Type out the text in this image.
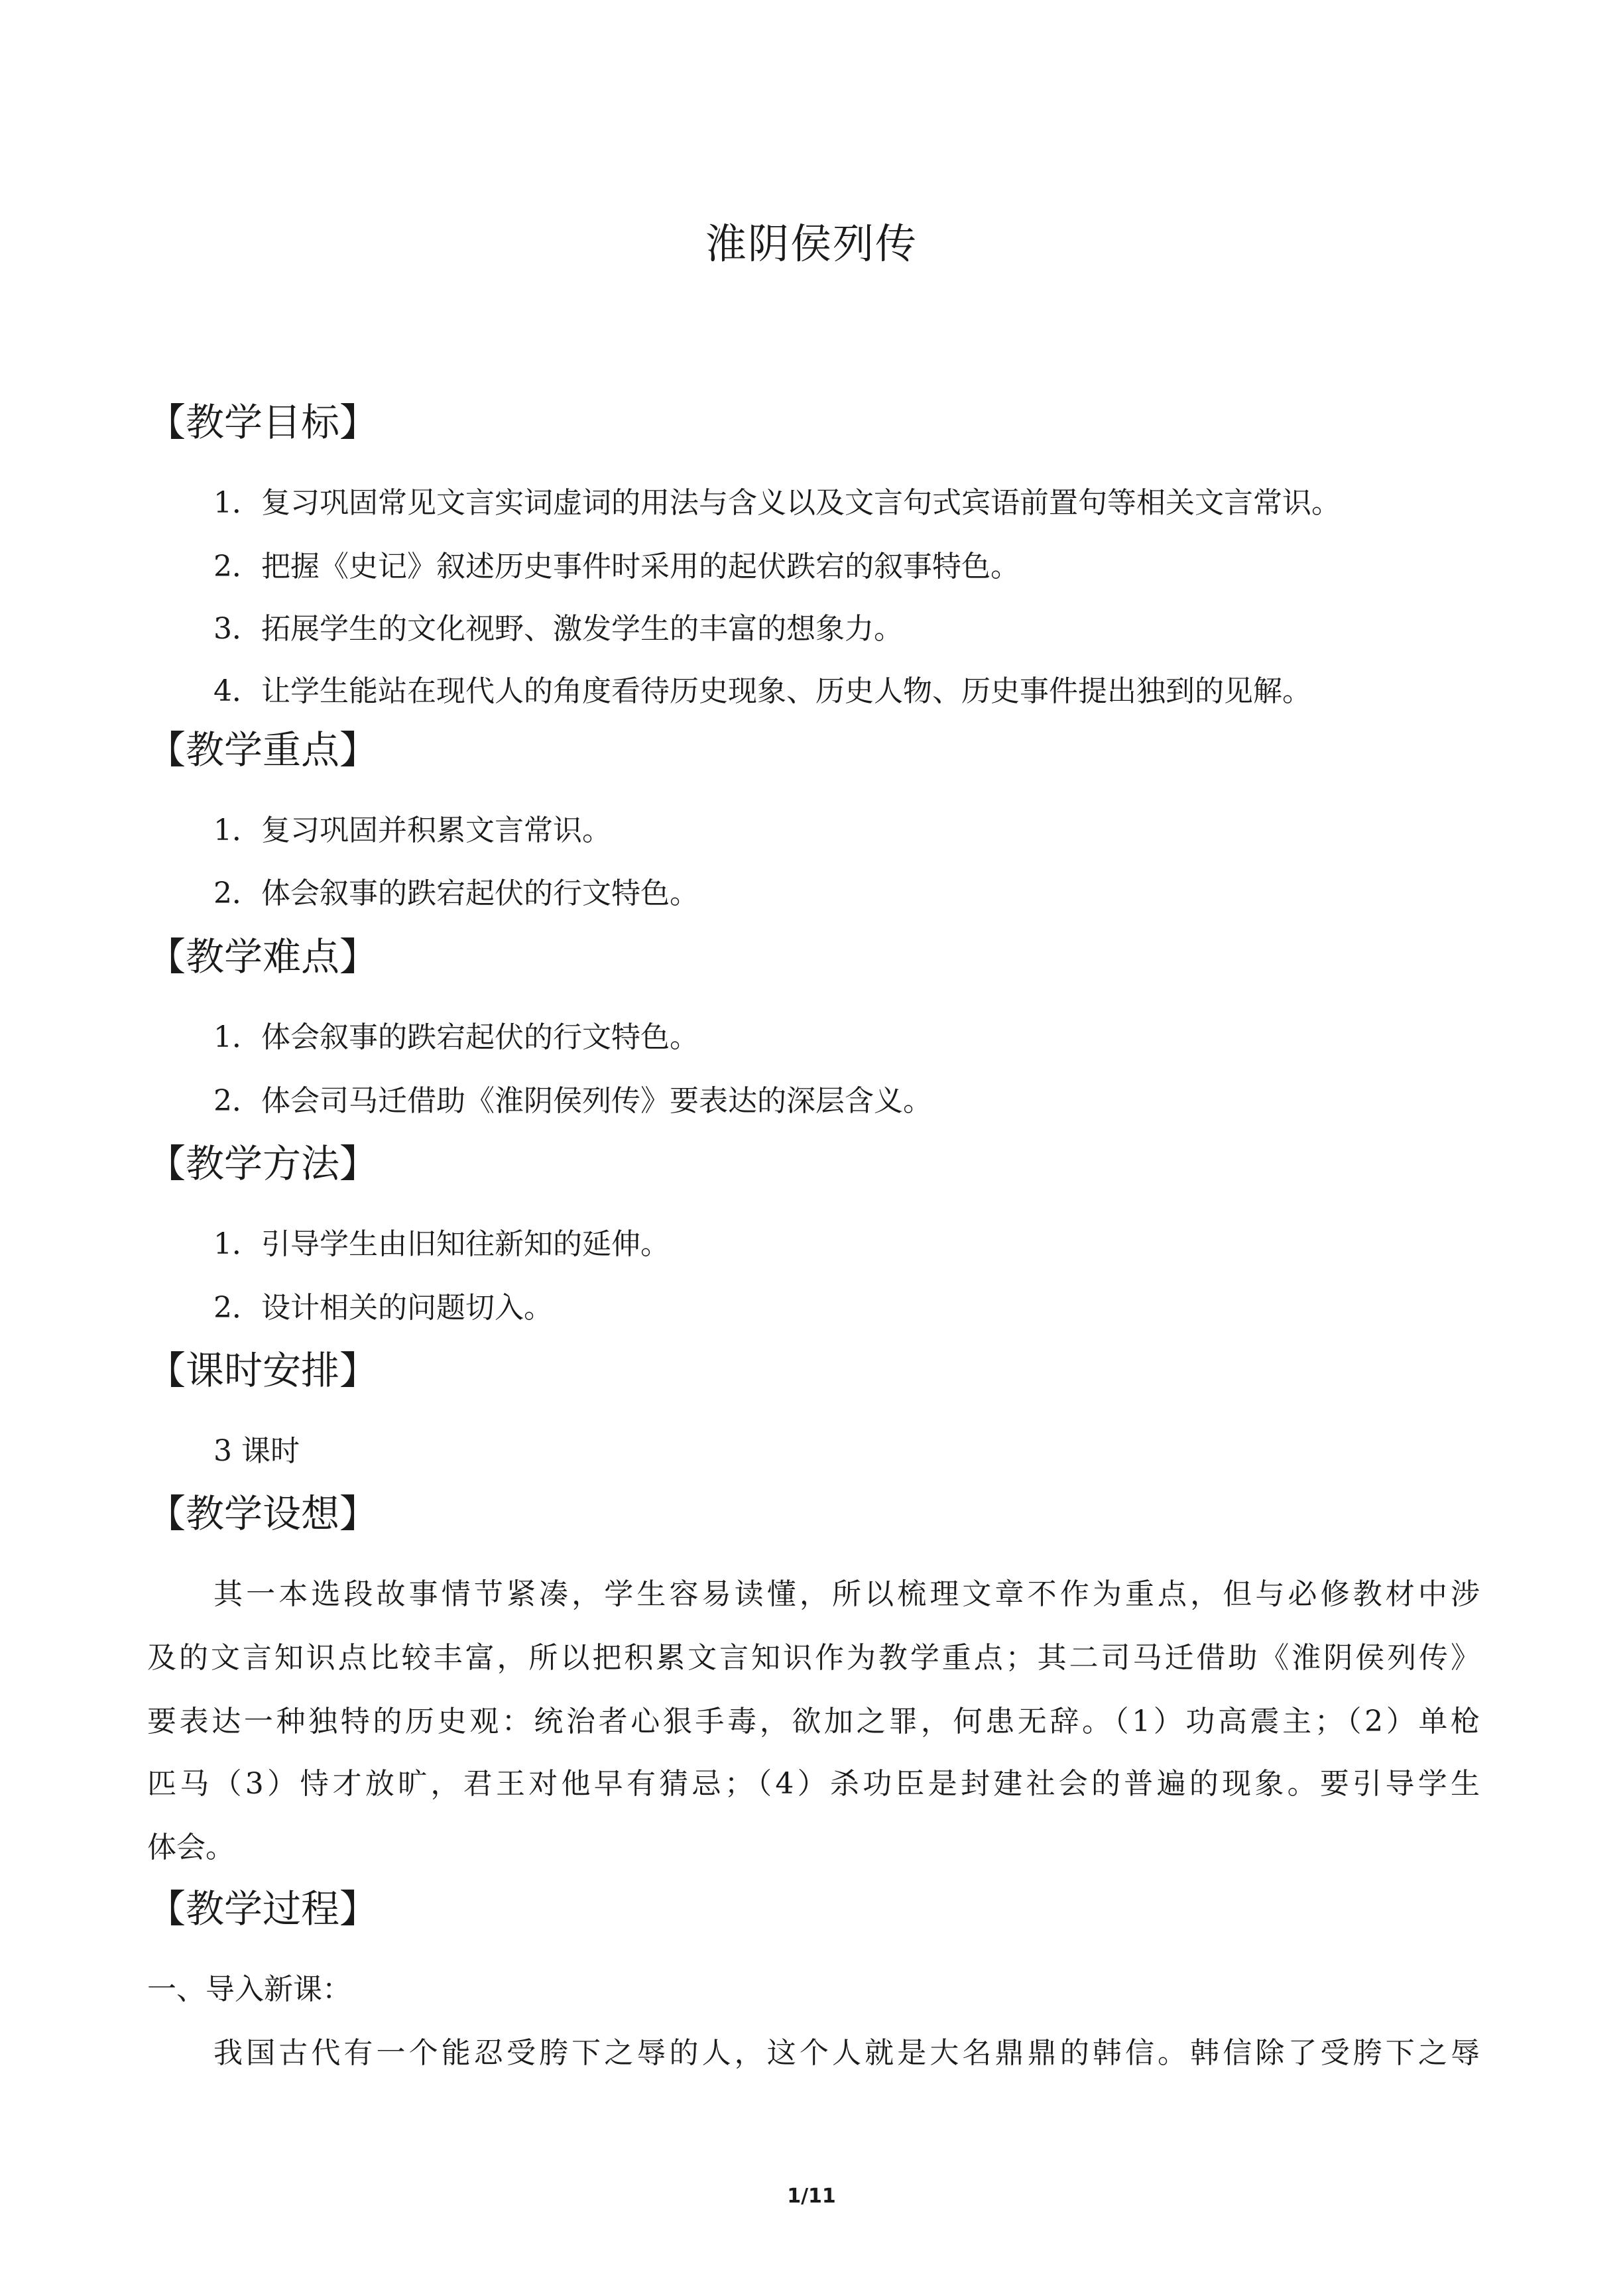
淮阴侯列传
【教学目标】
1．复习巩固常见文言实词虚词的用法与含义以及文言句式宾语前置句等相关文言常识。
2．把握《史记》叙述历史事件时采用的起伏跌宕的叙事特色。
3．拓展学生的文化视野、激发学生的丰富的想象力。
4．让学生能站在现代人的角度看待历史现象、历史人物、历史事件提出独到的见解。
【教学重点】
1．复习巩固并积累文言常识。
2．体会叙事的跌宕起伏的行文特色。
【教学难点】
1．体会叙事的跌宕起伏的行文特色。
2．体会司马迁借助《淮阴侯列传》要表达的深层含义。
【教学方法】
1．引导学生由旧知往新知的延伸。
2．设计相关的问题切入。
【课时安排】
3 课时
【教学设想】
其一本选段故事情节紧凑，学生容易读懂，所以梳理文章不作为重点，但与必修教材中涉
及的文言知识点比较丰富，所以把积累文言知识作为教学重点；其二司马迁借助《淮阴侯列传》
要表达一种独特的历史观：统治者心狠手毒，欲加之罪，何患无辞。（1）功高震主；（2）单枪
匹马（3）恃才放旷，君王对他早有猜忌；（4）杀功臣是封建社会的普遍的现象。要引导学生
体会。
【教学过程】
一、导入新课：
我国古代有一个能忍受胯下之辱的人，这个人就是大名鼎鼎的韩信。韩信除了受胯下之辱
1/11
